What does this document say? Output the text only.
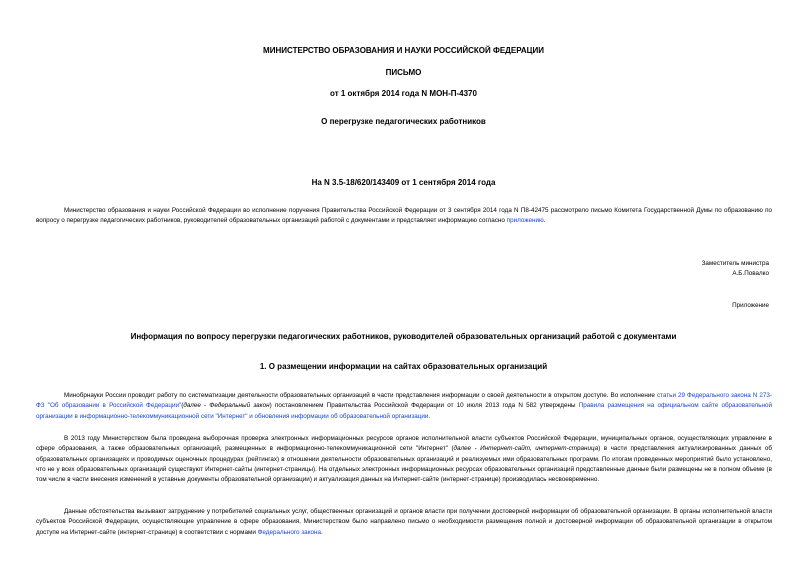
МИНИСТЕРСТВО ОБРАЗОВАНИЯ И НАУКИ РОССИЙСКОЙ ФЕДЕРАЦИИ
ПИСЬМО
от 1 октября 2014 года N МОН-П-4370
О перегрузке педагогических работников
На N 3.5-18/620/143409 от 1 сентября 2014 года
Министерство образования и науки Российской Федерации во исполнение поручения Правительства Российской Федерации от 3 сентября 2014 года N П8-42475 рассмотрело письмо Комитета Государственной Думы по образованию по вопросу о перегрузке педагогических работников, руководителей образовательных организаций работой с документами и представляет информацию согласно приложению.
Заместитель министра
А.Б.Повалко
Приложение
Информация по вопросу перегрузки педагогических работников, руководителей образовательных организаций работой с документами
1. О размещении информации на сайтах образовательных организаций
Минобрнауки России проводит работу по систематизации деятельности образовательных организаций в части представления информации о своей деятельности в открытом доступе. Во исполнение статьи 29 Федерального закона N 273-ФЗ "Об образовании в Российской Федерации"(далее - Федеральный закон) постановлением Правительства Российской Федерации от 10 июля 2013 года N 582 утверждены Правила размещения на официальном сайте образовательной организации в информационно-телекоммуникационной сети "Интернет" и обновления информации об образовательной организации.
В 2013 году Министерством была проведена выборочная проверка электронных информационных ресурсов органов исполнительной власти субъектов Российской Федерации, муниципальных органов, осуществляющих управление в сфере образования, а также образовательных организаций, размещенных в информационно-телекоммуникационной сети "Интернет" (далее - Интернет-сайт, интернет-страница) в части представления актуализированных данных об образовательных организациях и проводимых оценочных процедурах (рейтингах) в отношении деятельности образовательных организаций и реализуемых ими образовательных программ. По итогам проведенных мероприятий было установлено, что не у всех образовательных организаций существуют Интернет-сайты (интернет-страницы). На отдельных электронных информационных ресурсах образовательных организаций представленные данные были размещены не в полном объеме (в том числе в части внесения изменений в уставные документы образовательной организации) и актуализация данных на Интернет-сайте (интернет-странице) производилась несвоевременно.
Данные обстоятельства вызывают затруднение у потребителей социальных услуг, общественных организаций и органов власти при получении достоверной информации об образовательной организации. В органы исполнительной власти субъектов Российской Федерации, осуществляющие управление в сфере образования, Министерством было направлено письмо о необходимости размещения полной и достоверной информации об образовательной организации в открытом доступе на Интернет-сайте (интернет-странице) в соответствии с нормами Федерального закона.
